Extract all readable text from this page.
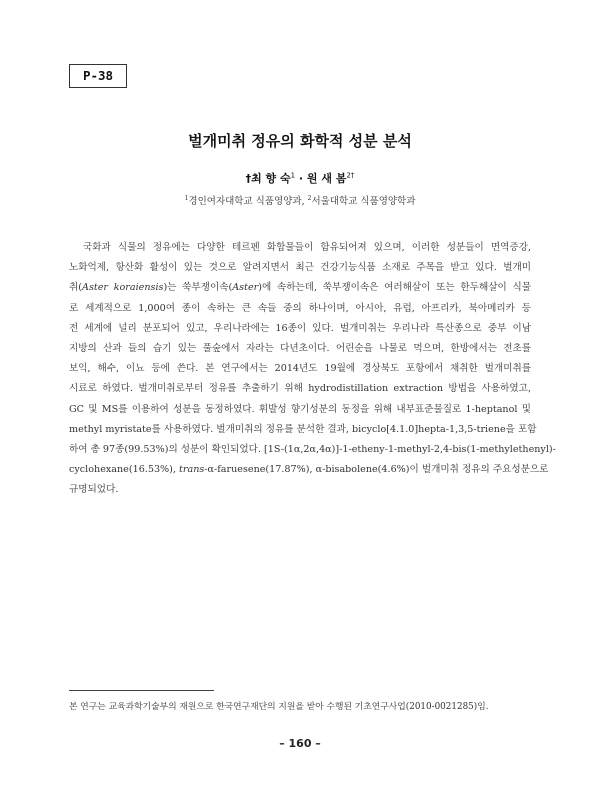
P-38
벌개미취 정유의 화학적 성분 분석
†최 향 숙$^1$ · 원 새 봄$^{2\dagger}$
$^1$경인여자대학교 식품영양과, $^2$서울대학교 식품영양학과

국화과 식물의 정유에는 다양한 테르펜 화합물들이 함유되어져 있으며, 이러한 성분들이 면역증강,
노화억제, 항산화 활성이 있는 것으로 알려지면서 최근 건강기능식품 소재로 주목을 받고 있다. 벌개미
취(Aster koraiensis)는 쑥부쟁이속(Aster)에 속하는데, 쑥부쟁이속은 여러해살이 또는 한두해살이 식물
로 세계적으로 1,000여 종이 속하는 큰 속들 중의 하나이며, 아시아, 유럽, 아프리카, 북아메리카 등
전 세계에 널리 분포되어 있고, 우리나라에는 16종이 있다. 벌개미취는 우리나라 특산종으로 중부 이남
지방의 산과 들의 습기 있는 풀숲에서 자라는 다년초이다. 어린순을 나물로 먹으며, 한방에서는 전초를
보익, 해수, 이뇨 등에 쓴다. 본 연구에서는 2014년도 19월에 경상북도 포항에서 채취한 벌개미취를
시료로 하였다. 벌개미취로부터 정유를 추출하기 위해 hydrodistillation extraction 방법을 사용하였고,
GC 및 MS를 이용하여 성분을 동정하였다. 휘발성 향기성분의 동정을 위해 내부표준물질로 1-heptanol 및
methyl myristate를 사용하였다. 벌개미취의 정유를 분석한 결과, bicyclo[4.1.0]hepta-1,3,5-triene을 포함
하여 총 97종(99.53%)의 성분이 확인되었다. [1S-(1α,2α,4α)]-1-etheny-1-methyl-2,4-bis(1-methylethenyl)-
cyclohexane(16.53%), trans-α-faruesene(17.87%), α-bisabolene(4.6%)이 벌개미취 정유의 주요성분으로
규명되었다.

본 연구는 교육과학기술부의 재원으로 한국연구재단의 지원을 받아 수행된 기초연구사업(2010-0021285)임.
– 160 –
